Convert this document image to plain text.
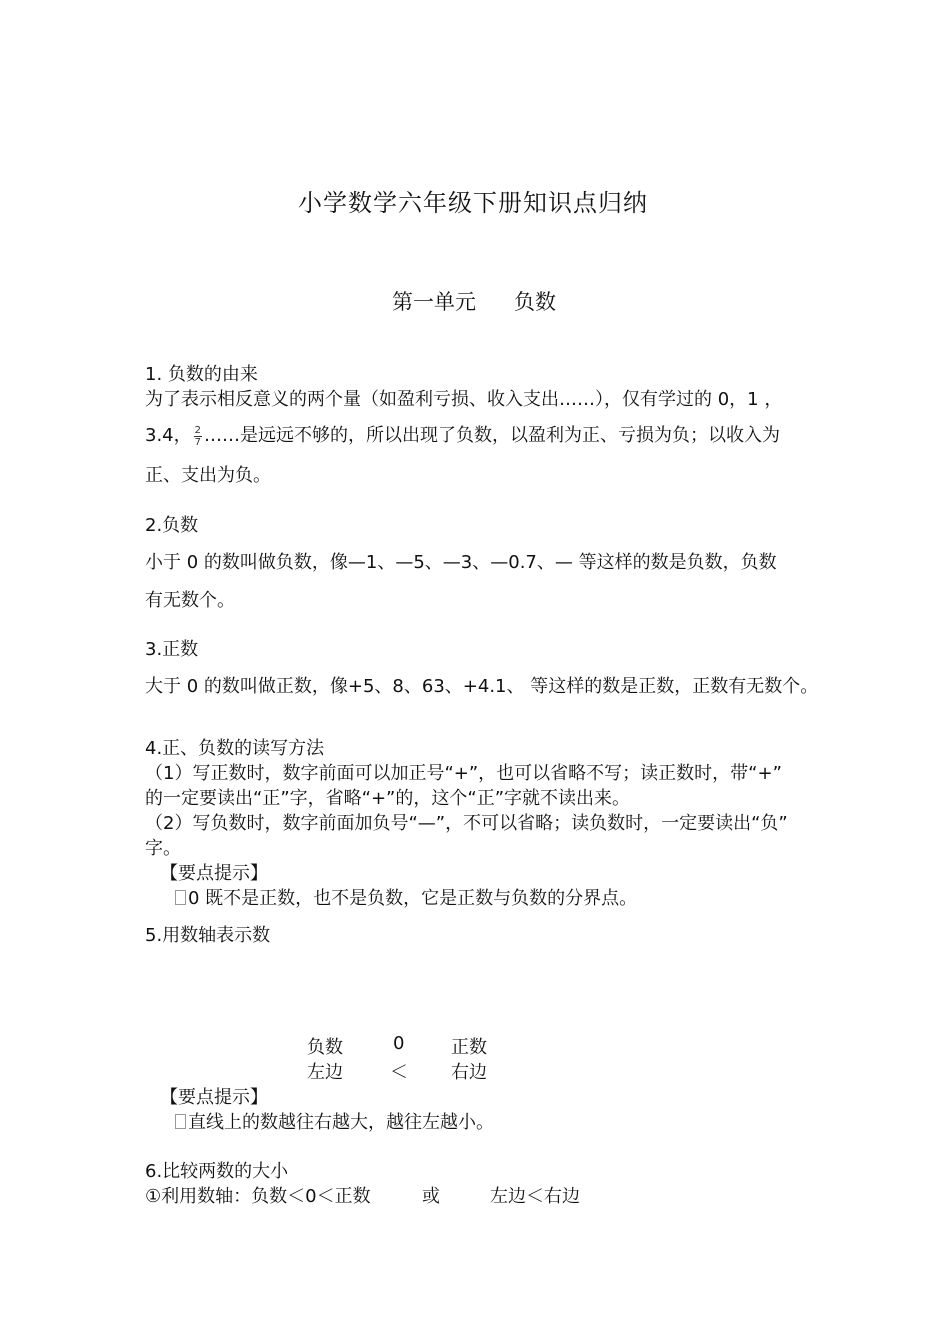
小学数学六年级下册知识点归纳
第一单元 负数
1. 负数的由来
为了表示相反意义的两个量（如盈利亏损、收入支出……），仅有学过的 0，1 ，
3.4， $\frac{2}{7}$ ……是远远不够的，所以出现了负数，以盈利为正、亏损为负；以收入为
正、支出为负。
2.负数
小于 0 的数叫做负数，像—1、—5、—3、—0.7、— 等这样的数是负数，负数
有无数个。
3.正数
大于 0 的数叫做正数，像+5、8、63、+4.1、 等这样的数是正数，正数有无数个。
4.正、负数的读写方法
（1）写正数时，数字前面可以加正号“+”，也可以省略不写；读正数时，带“+”
的一定要读出“正”字，省略“+”的，这个“正”字就不读出来。
（2）写负数时，数字前面加负号“—”，不可以省略；读负数时，一定要读出“负”
字。
【要点提示】
0 既不是正数，也不是负数，它是正数与负数的分界点。
5.用数轴表示数
负数	0	正数
左边	＜ 右边
【要点提示】
直线上的数越往右越大，越往左越小。
6.比较两数的大小
①利用数轴：负数＜0＜正数	或	左边＜右边
